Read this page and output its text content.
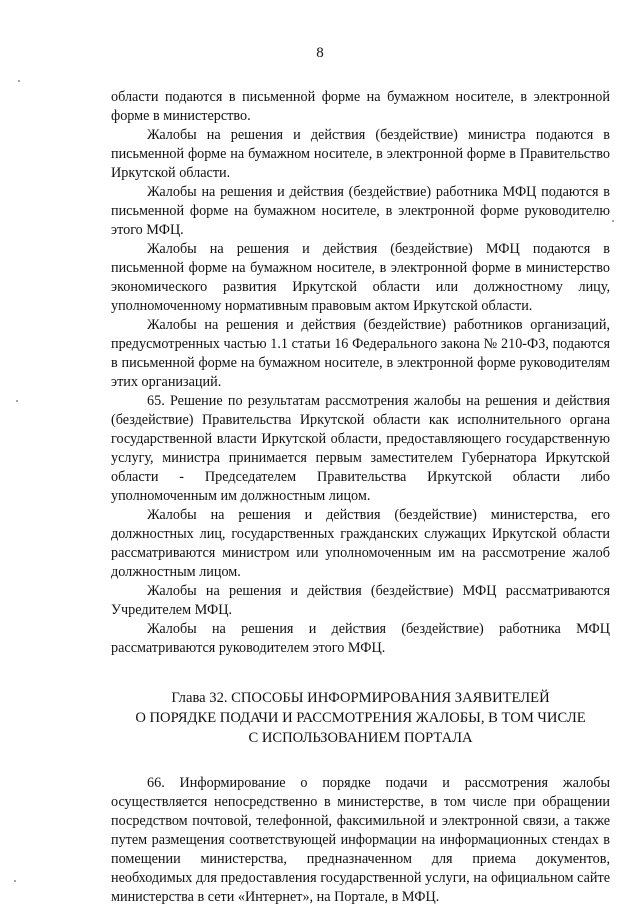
8

области подаются в письменной форме на бумажном носителе, в электронной форме в министерство.

Жалобы на решения и действия (бездействие) министра подаются в письменной форме на бумажном носителе, в электронной форме в Правительство Иркутской области.

Жалобы на решения и действия (бездействие) работника МФЦ подаются в письменной форме на бумажном носителе, в электронной форме руководителю этого МФЦ.

Жалобы на решения и действия (бездействие) МФЦ подаются в письменной форме на бумажном носителе, в электронной форме в министерство экономического развития Иркутской области или должностному лицу, уполномоченному нормативным правовым актом Иркутской области.

Жалобы на решения и действия (бездействие) работников организаций, предусмотренных частью 1.1 статьи 16 Федерального закона № 210-ФЗ, подаются в письменной форме на бумажном носителе, в электронной форме руководителям этих организаций.

65. Решение по результатам рассмотрения жалобы на решения и действия (бездействие) Правительства Иркутской области как исполнительного органа государственной власти Иркутской области, предоставляющего государственную услугу, министра принимается первым заместителем Губернатора Иркутской области - Председателем Правительства Иркутской области либо уполномоченным им должностным лицом.

Жалобы на решения и действия (бездействие) министерства, его должностных лиц, государственных гражданских служащих Иркутской области рассматриваются министром или уполномоченным им на рассмотрение жалоб должностным лицом.

Жалобы на решения и действия (бездействие) МФЦ рассматриваются Учредителем МФЦ.

Жалобы на решения и действия (бездействие) работника МФЦ рассматриваются руководителем этого МФЦ.

Глава 32. СПОСОБЫ ИНФОРМИРОВАНИЯ ЗАЯВИТЕЛЕЙ
О ПОРЯДКЕ ПОДАЧИ И РАССМОТРЕНИЯ ЖАЛОБЫ, В ТОМ ЧИСЛЕ
С ИСПОЛЬЗОВАНИЕМ ПОРТАЛА

66. Информирование о порядке подачи и рассмотрения жалобы осуществляется непосредственно в министерстве, в том числе при обращении посредством почтовой, телефонной, факсимильной и электронной связи, а также путем размещения соответствующей информации на информационных стендах в помещении министерства, предназначенном для приема документов, необходимых для предоставления государственной услуги, на официальном сайте министерства в сети «Интернет», на Портале, в МФЦ.
